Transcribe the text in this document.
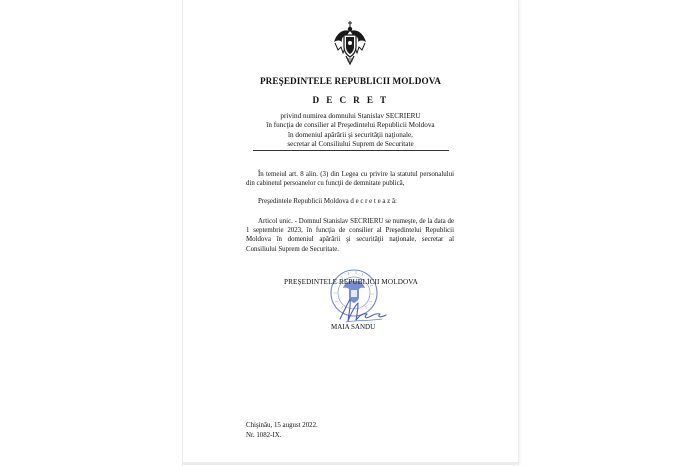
PREŞEDINTELE REPUBLICII MOLDOVA
D E C R E T
privind numirea domnului Stanislav SECRIERU
în funcţia de consilier al Preşedintelui Republicii Moldova
în domeniul apărării şi securităţii naţionale,
secretar al Consiliului Suprem de Securitate
În temeiul art. 8 alin. (3) din Legea cu privire la statutul personalului din cabinetul persoanelor cu funcţii de demnitate publică,
Preşedintele Republicii Moldova d e c r e t e a z ă:
Articol unic. - Domnul Stanislav SECRIERU se numeşte, de la data de 1 septembrie 2023, în funcţia de consilier al Preşedintelui Republicii Moldova în domeniul apărării şi securităţii naţionale, secretar al Consiliului Suprem de Securitate.
PREŞEDINTELE REPUBLICII MOLDOVA
MAIA SANDU
Chişinău, 15 august 2022.
Nr. 1082-IX.
